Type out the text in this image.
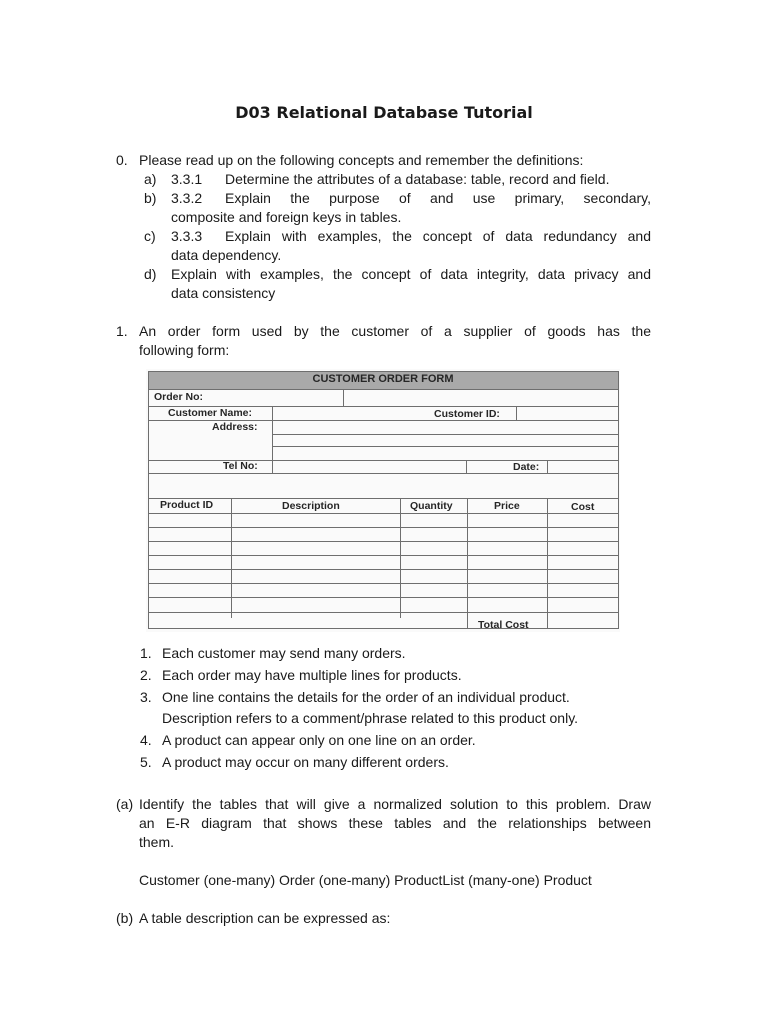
D03 Relational Database Tutorial
0. Please read up on the following concepts and remember the definitions:
a) 3.3.1 Determine the attributes of a database: table, record and field.
b) 3.3.2 Explain the purpose of and use primary, secondary,
composite and foreign keys in tables.
c) 3.3.3 Explain with examples, the concept of data redundancy and
data dependency.
d) Explain with examples, the concept of data integrity, data privacy and
data consistency
1. An order form used by the customer of a supplier of goods has the
following form:
CUSTOMER ORDER FORM
Order No:
Customer Name:	Customer ID:
Address:
Tel No:	Date:
Product ID	Description	Quantity	Price	Cost
Total Cost
1. Each customer may send many orders.
2. Each order may have multiple lines for products.
3. One line contains the details for the order of an individual product.
Description refers to a comment/phrase related to this product only.
4. A product can appear only on one line on an order.
5. A product may occur on many different orders.
(a) Identify the tables that will give a normalized solution to this problem. Draw
an E-R diagram that shows these tables and the relationships between
them.
Customer (one-many) Order (one-many) ProductList (many-one) Product
(b) A table description can be expressed as:
